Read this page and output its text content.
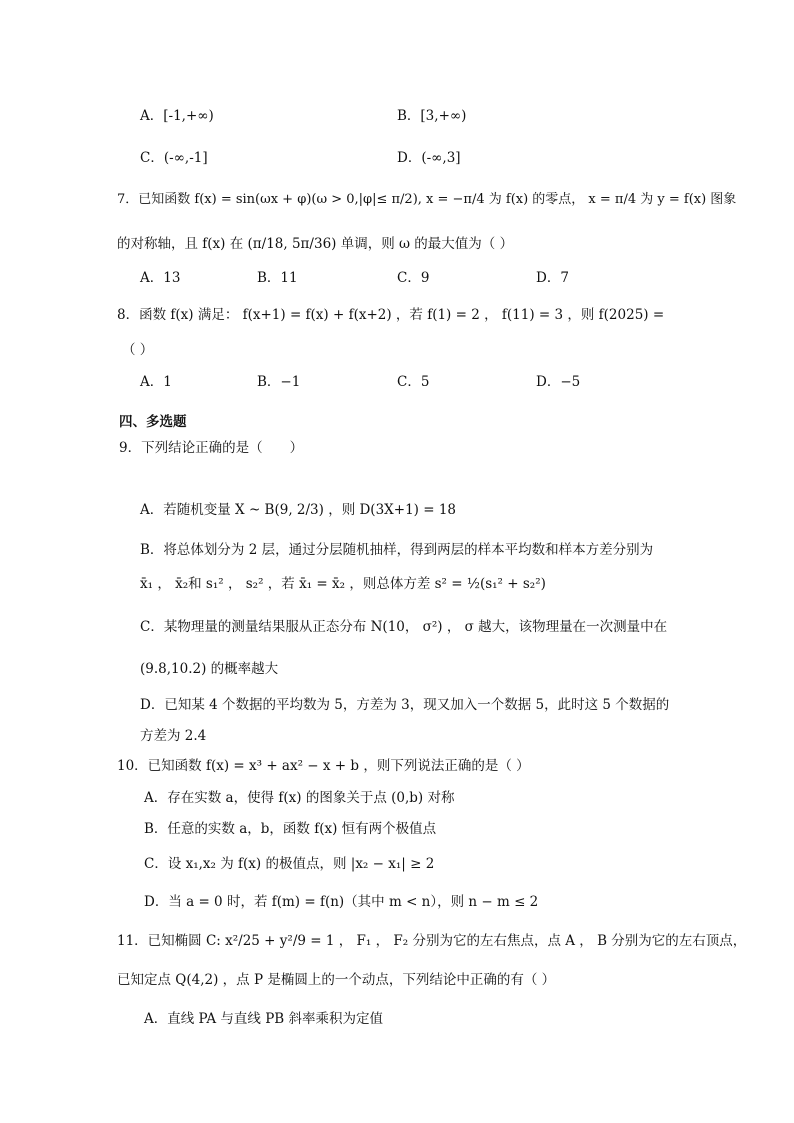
A．[-1,+∞)	B．[3,+∞)
C．(-∞,-1]	D．(-∞,3]
7．已知函数 f(x) = sin(ωx + φ)(ω > 0,|φ|≤ π/2), x = −π/4 为 f(x) 的零点， x = π/4 为 y = f(x) 图象
的对称轴，且 f(x) 在 (π/18, 5π/36) 单调，则 ω 的最大值为（ ）
A．13	B．11	C．9	D．7
8．函数 f(x) 满足： f(x+1) = f(x) + f(x+2) ，若 f(1) = 2 ， f(11) = 3 ，则 f(2025) =
（ ）
A．1	B．−1	C．5	D．−5
四、多选题
9．下列结论正确的是（　　）
A．若随机变量 X ~ B(9, 2/3) ，则 D(3X+1) = 18
B．将总体划分为 2 层，通过分层随机抽样，得到两层的样本平均数和样本方差分别为
x̄₁ ， x̄₂和 s₁² ， s₂² ，若 x̄₁ = x̄₂ ，则总体方差 s² = ½(s₁² + s₂²)
C．某物理量的测量结果服从正态分布 N(10， σ²) ， σ 越大，该物理量在一次测量中在
(9.8,10.2) 的概率越大
D．已知某 4 个数据的平均数为 5，方差为 3，现又加入一个数据 5，此时这 5 个数据的
方差为 2.4
10．已知函数 f(x) = x³ + ax² − x + b ，则下列说法正确的是（ ）
A．存在实数 a，使得 f(x) 的图象关于点 (0,b) 对称
B．任意的实数 a，b，函数 f(x) 恒有两个极值点
C．设 x₁,x₂ 为 f(x) 的极值点，则 |x₂ − x₁| ≥ 2
D．当 a = 0 时，若 f(m) = f(n)（其中 m < n），则 n − m ≤ 2
11．已知椭圆 C: x²/25 + y²/9 = 1 ， F₁ ， F₂ 分别为它的左右焦点，点 A ， B 分别为它的左右顶点，
已知定点 Q(4,2) ，点 P 是椭圆上的一个动点，下列结论中正确的有（ ）
A．直线 PA 与直线 PB 斜率乘积为定值
